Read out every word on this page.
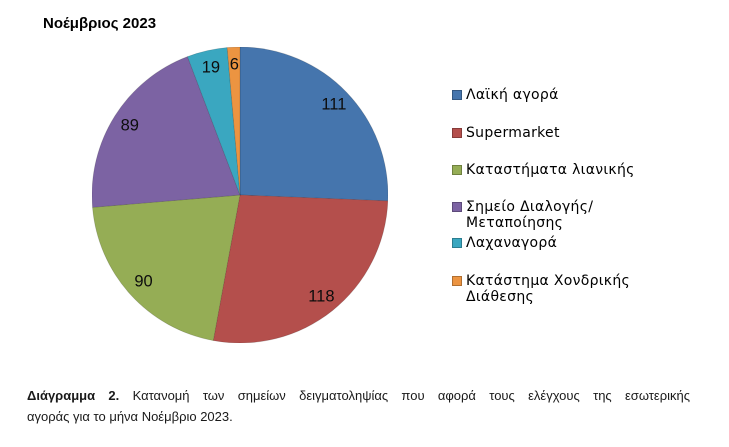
Νοέμβριος 2023
111
118
90
89
19 6
Λαϊκή αγορά
Supermarket
Καταστήματα λιανικής
Σημείο Διαλογής/Μεταποίησης
Λαχαναγορά
Κατάστημα Χονδρικής Διάθεσης
Διάγραμμα 2. Κατανομή των σημείων δειγματοληψίας που αφορά τους ελέγχους της εσωτερικής
αγοράς για το μήνα Νοέμβριο 2023.
